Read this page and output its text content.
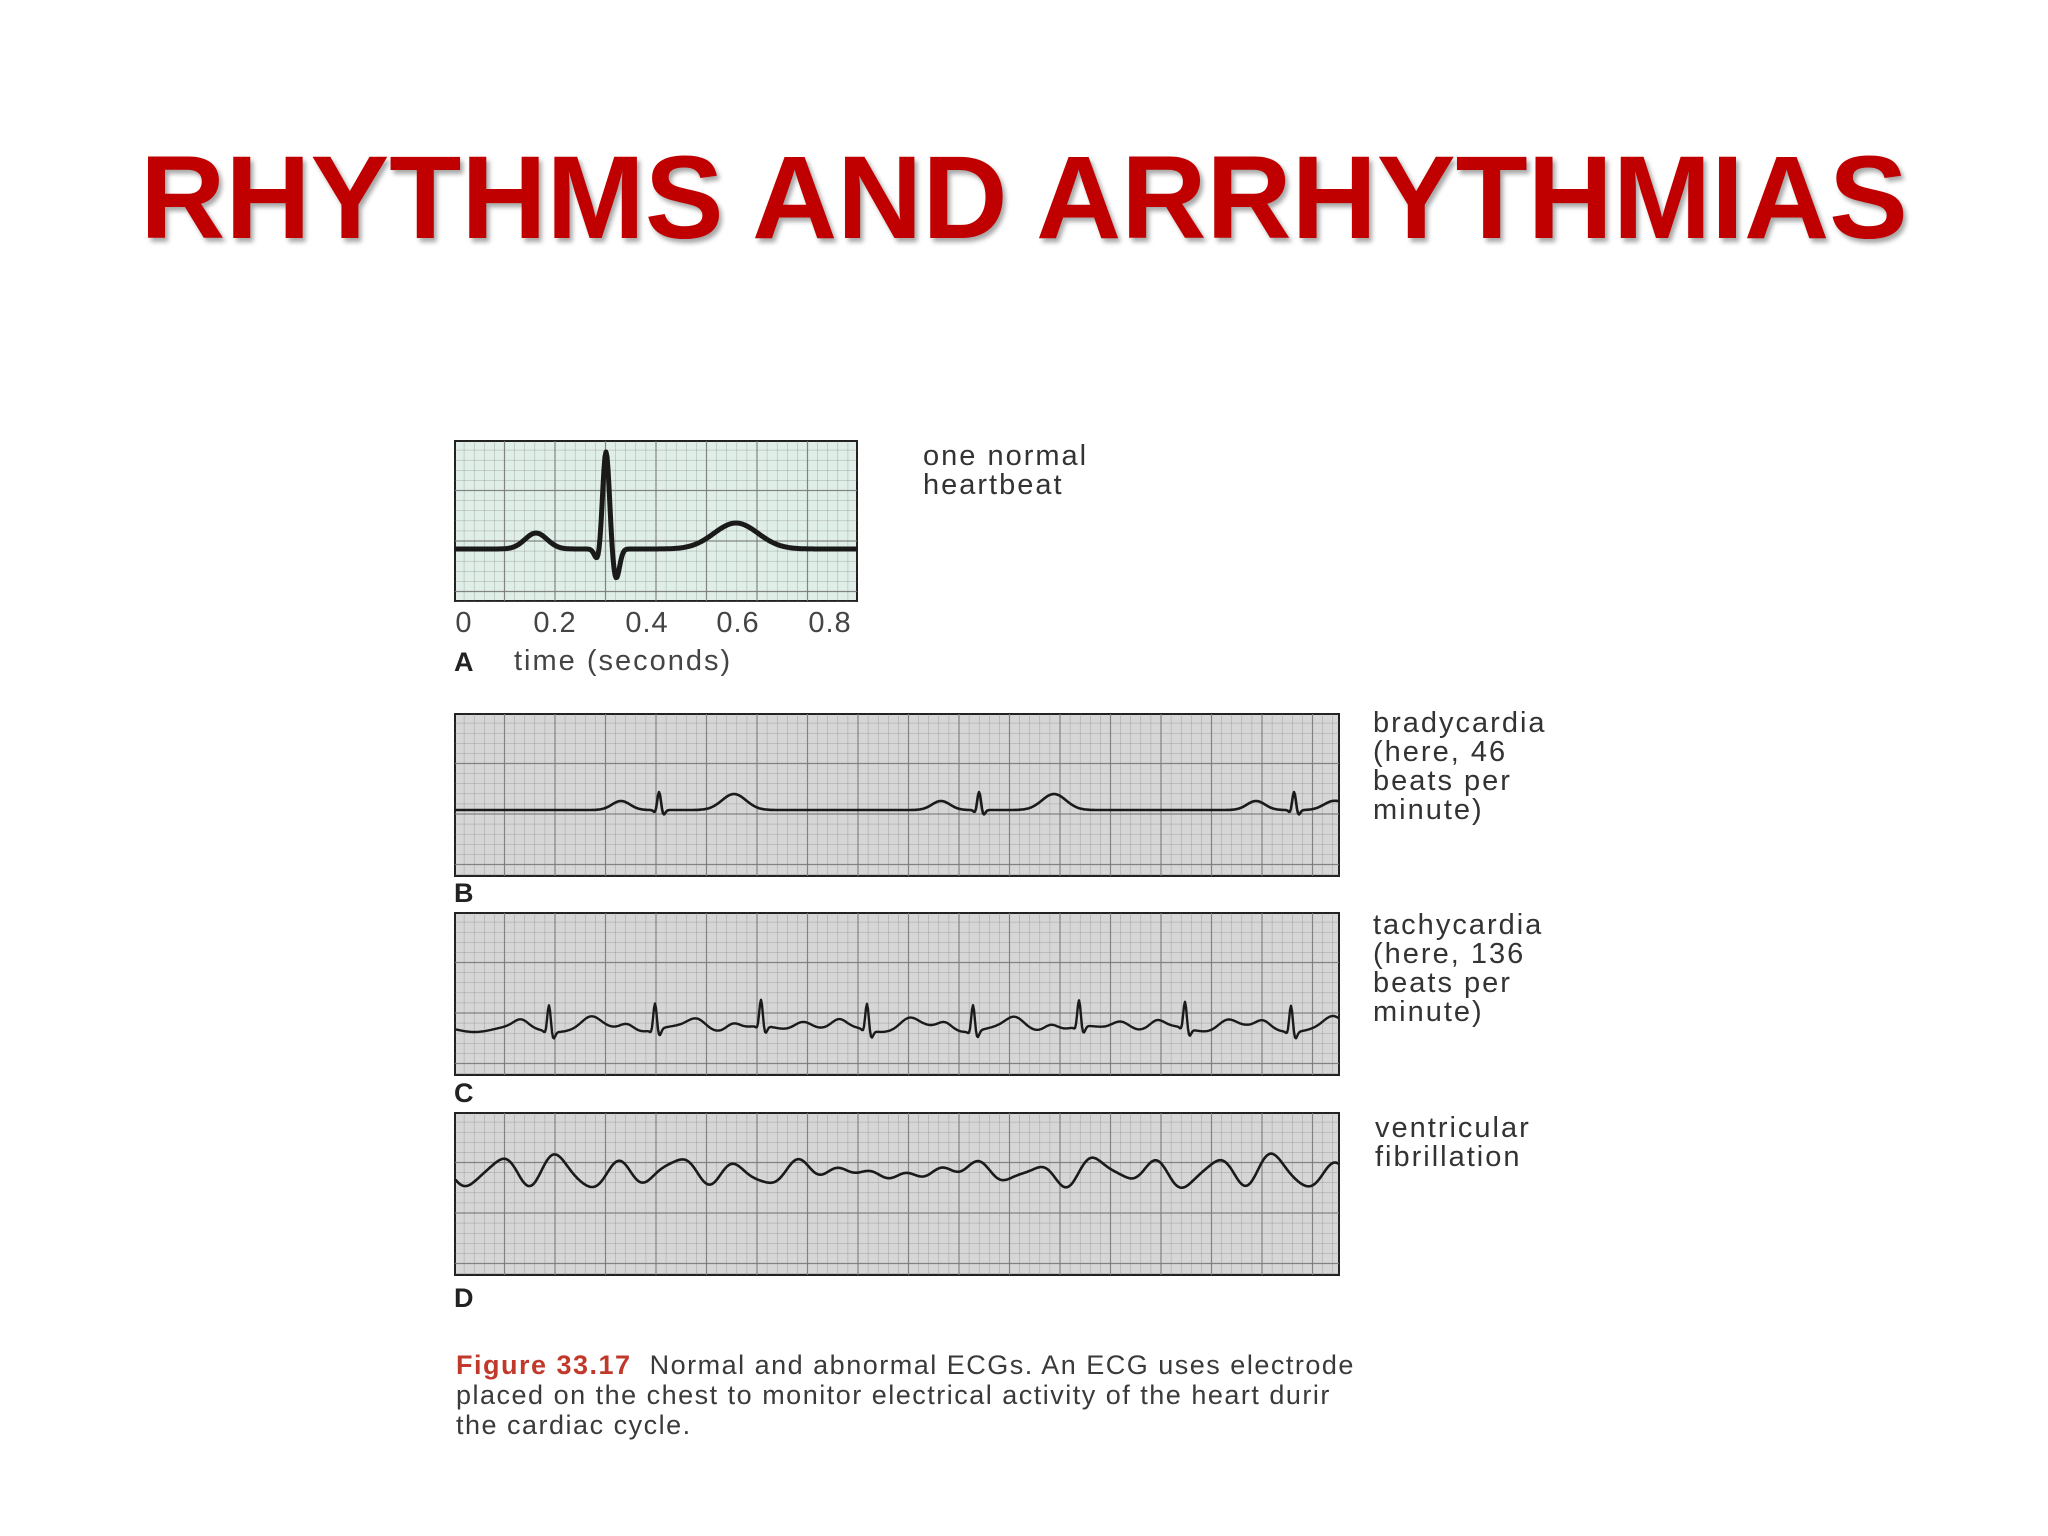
RHYTHMS AND ARRHYTHMIAS
one normal
heartbeat
0 0.2 0.4 0.6 0.8
A time (seconds)
bradycardia
(here, 46
beats per
minute)
B
tachycardia
(here, 136
beats per
minute)
C
ventricular
fibrillation
D
Figure 33.17 Normal and abnormal ECGs. An ECG uses electrode
placed on the chest to monitor electrical activity of the heart durir
the cardiac cycle.
